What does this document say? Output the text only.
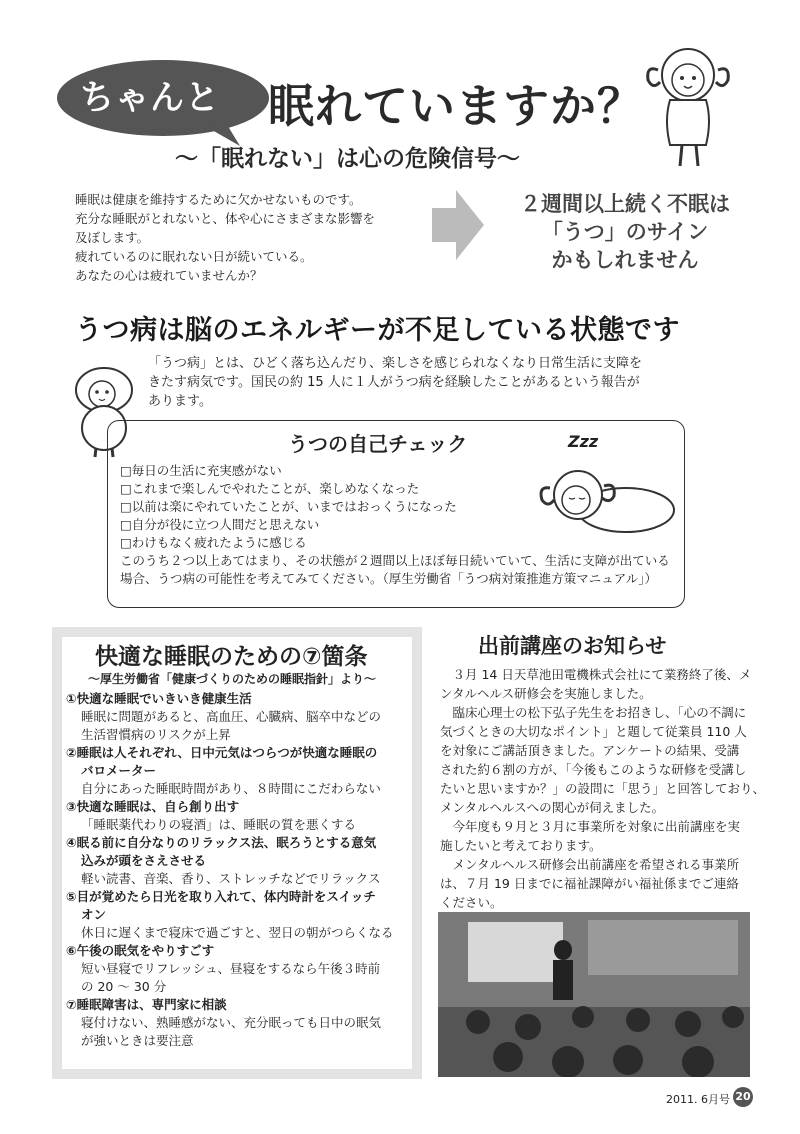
ちゃんと 眠れていますか？
～「眠れない」は心の危険信号～
睡眠は健康を維持するために欠かせないものです。
充分な睡眠がとれないと、体や心にさまざまな影響を
及ぼします。
疲れているのに眠れない日が続いている。
あなたの心は疲れていませんか？
２週間以上続く不眠は
「うつ」のサイン
かもしれません
うつ病は脳のエネルギーが不足している状態です
「うつ病」とは、ひどく落ち込んだり、楽しさを感じられなくなり日常生活に支障を
きたす病気です。国民の約 15 人に１人がうつ病を経験したことがあるという報告が
あります。
うつの自己チェック
□毎日の生活に充実感がない
□これまで楽しんでやれたことが、楽しめなくなった
□以前は楽にやれていたことが、いまではおっくうになった
□自分が役に立つ人間だと思えない
□わけもなく疲れたように感じる
このうち２つ以上あてはまり、その状態が２週間以上ほぼ毎日続いていて、生活に支障が出ている場合、うつ病の可能性を考えてみてください。（厚生労働省「うつ病対策推進方策マニュアル」）
Zzz
快適な睡眠のための⑦箇条
～厚生労働省「健康づくりのための睡眠指針」より～
①快適な睡眠でいきいき健康生活
睡眠に問題があると、高血圧、心臓病、脳卒中などの
生活習慣病のリスクが上昇
②睡眠は人それぞれ、日中元気はつらつが快適な睡眠の
バロメーター
自分にあった睡眠時間があり、８時間にこだわらない
③快適な睡眠は、自ら創り出す
「睡眠薬代わりの寝酒」は、睡眠の質を悪くする
④眠る前に自分なりのリラックス法、眠ろうとする意気
込みが頭をさえさせる
軽い読書、音楽、香り、ストレッチなどでリラックス
⑤目が覚めたら日光を取り入れて、体内時計をスイッチ
オン
休日に遅くまで寝床で過ごすと、翌日の朝がつらくなる
⑥午後の眠気をやりすごす
短い昼寝でリフレッシュ、昼寝をするなら午後３時前
の 20 ～ 30 分
⑦睡眠障害は、専門家に相談
寝付けない、熟睡感がない、充分眠っても日中の眠気
が強いときは要注意
出前講座のお知らせ
　３月 14 日天草池田電機株式会社にて業務終了後、メ
ンタルヘルス研修会を実施しました。
　臨床心理士の松下弘子先生をお招きし、「心の不調に
気づくときの大切なポイント」と題して従業員 110 人
を対象にご講話頂きました。アンケートの結果、受講
された約６割の方が、「今後もこのような研修を受講し
たいと思いますか？」の設問に「思う」と回答しており、
メンタルヘルスへの関心が伺えました。
　今年度も９月と３月に事業所を対象に出前講座を実
施したいと考えております。
　メンタルヘルス研修会出前講座を希望される事業所
は、７月 19 日までに福祉課障がい福祉係までご連絡
ください。
2011. 6月号 20
